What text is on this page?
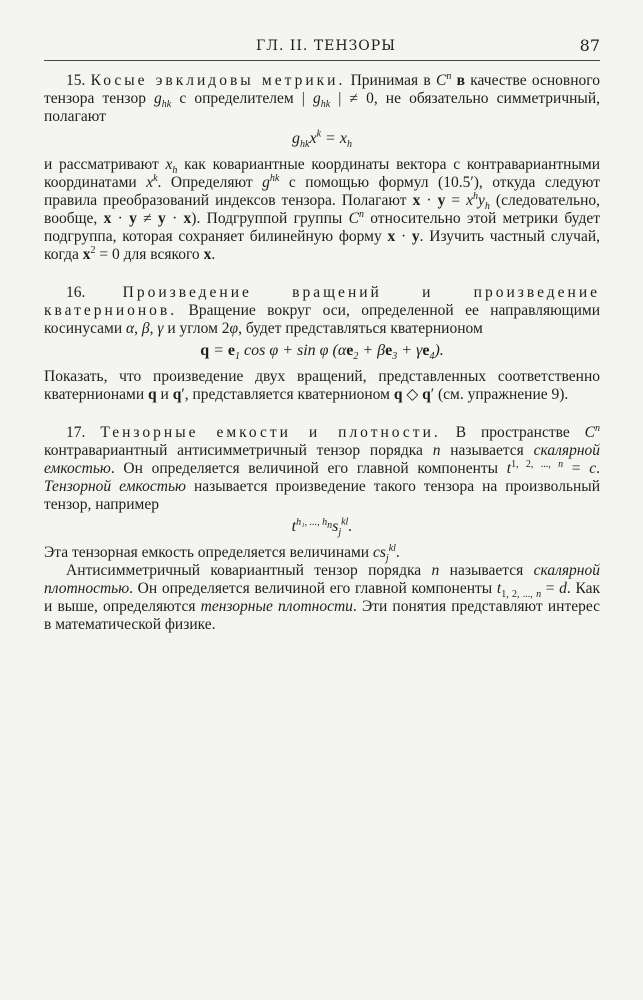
ГЛ. II. ТЕНЗОРЫ	87

15. Косые эвклидовы метрики. Принимая в $C^n$ в качестве основного тензора тензор $g_{hk}$ с определителем | $g_{hk}$ | ≠ 0, не обязательно симметричный, полагают

$g_{hk}x^k = x_h$

и рассматривают $x_h$ как ковариантные координаты вектора с контравариантными координатами $x^k$. Определяют $g^{hk}$ с помощью формул (10.5′), откуда следуют правила преобразований индексов тензора. Полагают $x \cdot y = x^hy_h$ (следовательно, вообще, x · y ≠ y · x). Подгруппой группы $C^n$ относительно этой метрики будет подгруппа, которая сохраняет билинейную форму x · y. Изучить частный случай, когда $x^2 = 0$ для всякого x.

16. Произведение вращений и произведение кватернионов. Вращение вокруг оси, определенной ее направляющими косинусами α, β, γ и углом 2φ, будет представляться кватернионом

$q = e_1$ cos φ + sin φ $(\alpha e_2 + \beta e_3 + \gamma e_4)$.

Показать, что произведение двух вращений, представленных соответственно кватернионами q и q′, представляется кватернионом q ◇ q′ (см. упражнение 9).

17. Тензорные емкости и плотности. В пространстве $C^n$ контравариантный антисимметричный тензор порядка n называется скалярной емкостью. Он определяется величиной его главной компоненты $t^{1, 2, ..., n} = c$. Тензорной емкостью называется произведение такого тензора на произвольный тензор, например

$t^{h_1, ..., h_n}s_j^{kl}$.

Эта тензорная емкость определяется величинами $cs_j^{kl}$.

Антисимметричный ковариантный тензор порядка n называется скалярной плотностью. Он определяется величиной его главной компоненты $t_{1, 2, ..., n} = d$. Как и выше, определяются тензорные плотности. Эти понятия представляют интерес в математической физике.
